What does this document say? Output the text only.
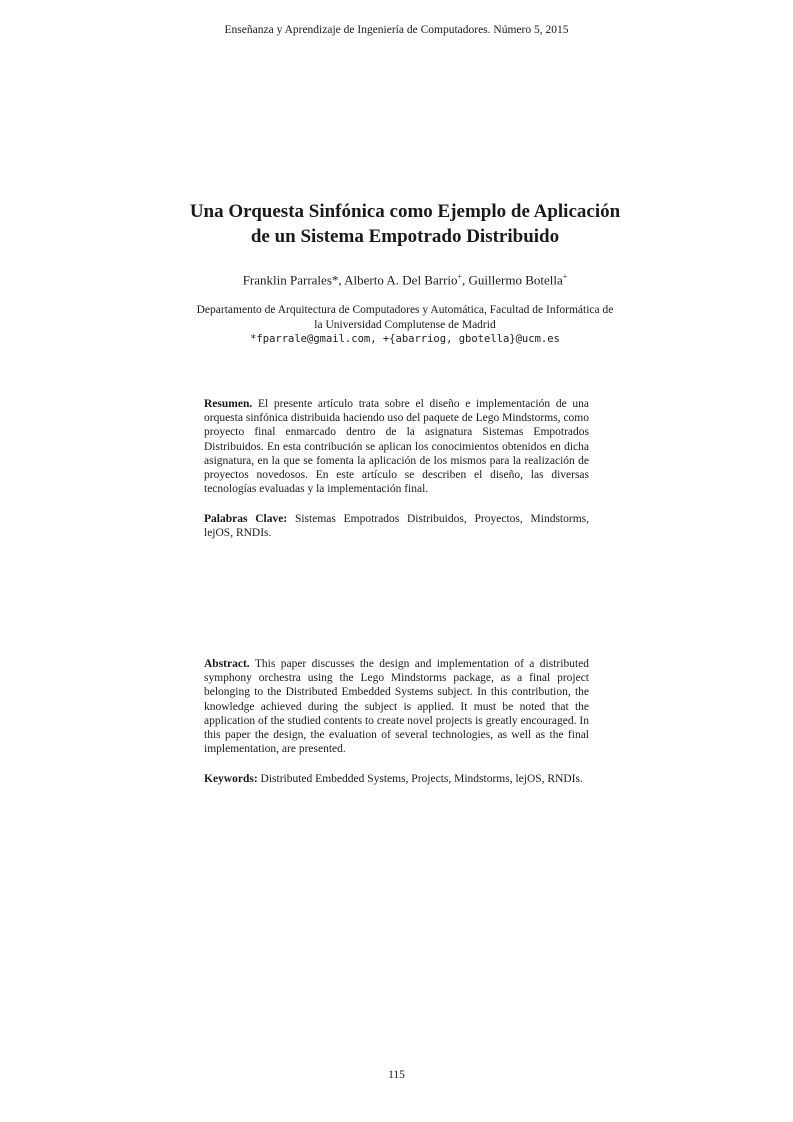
Enseñanza y Aprendizaje de Ingeniería de Computadores. Número 5, 2015
Una Orquesta Sinfónica como Ejemplo de Aplicación
de un Sistema Empotrado Distribuido
Franklin Parrales*, Alberto A. Del Barrio+, Guillermo Botella+
Departamento de Arquitectura de Computadores y Automática, Facultad de Informática de
la Universidad Complutense de Madrid
*fparrale@gmail.com, +{abarriog, gbotella}@ucm.es
Resumen. El presente artículo trata sobre el diseño e implementación de una orquesta sinfónica distribuida haciendo uso del paquete de Lego Mindstorms, como proyecto final enmarcado dentro de la asignatura Sistemas Empotrados Distribuidos. En esta contribución se aplican los conocimientos obtenidos en dicha asignatura, en la que se fomenta la aplicación de los mismos para la realización de proyectos novedosos. En este artículo se describen el diseño, las diversas tecnologías evaluadas y la implementación final.
Palabras Clave: Sistemas Empotrados Distribuidos, Proyectos, Mindstorms, lejOS, RNDIs.
Abstract. This paper discusses the design and implementation of a distributed symphony orchestra using the Lego Mindstorms package, as a final project belonging to the Distributed Embedded Systems subject. In this contribution, the knowledge achieved during the subject is applied. It must be noted that the application of the studied contents to create novel projects is greatly encouraged. In this paper the design, the evaluation of several technologies, as well as the final implementation, are presented.
Keywords: Distributed Embedded Systems, Projects, Mindstorms, lejOS, RNDIs.
115
